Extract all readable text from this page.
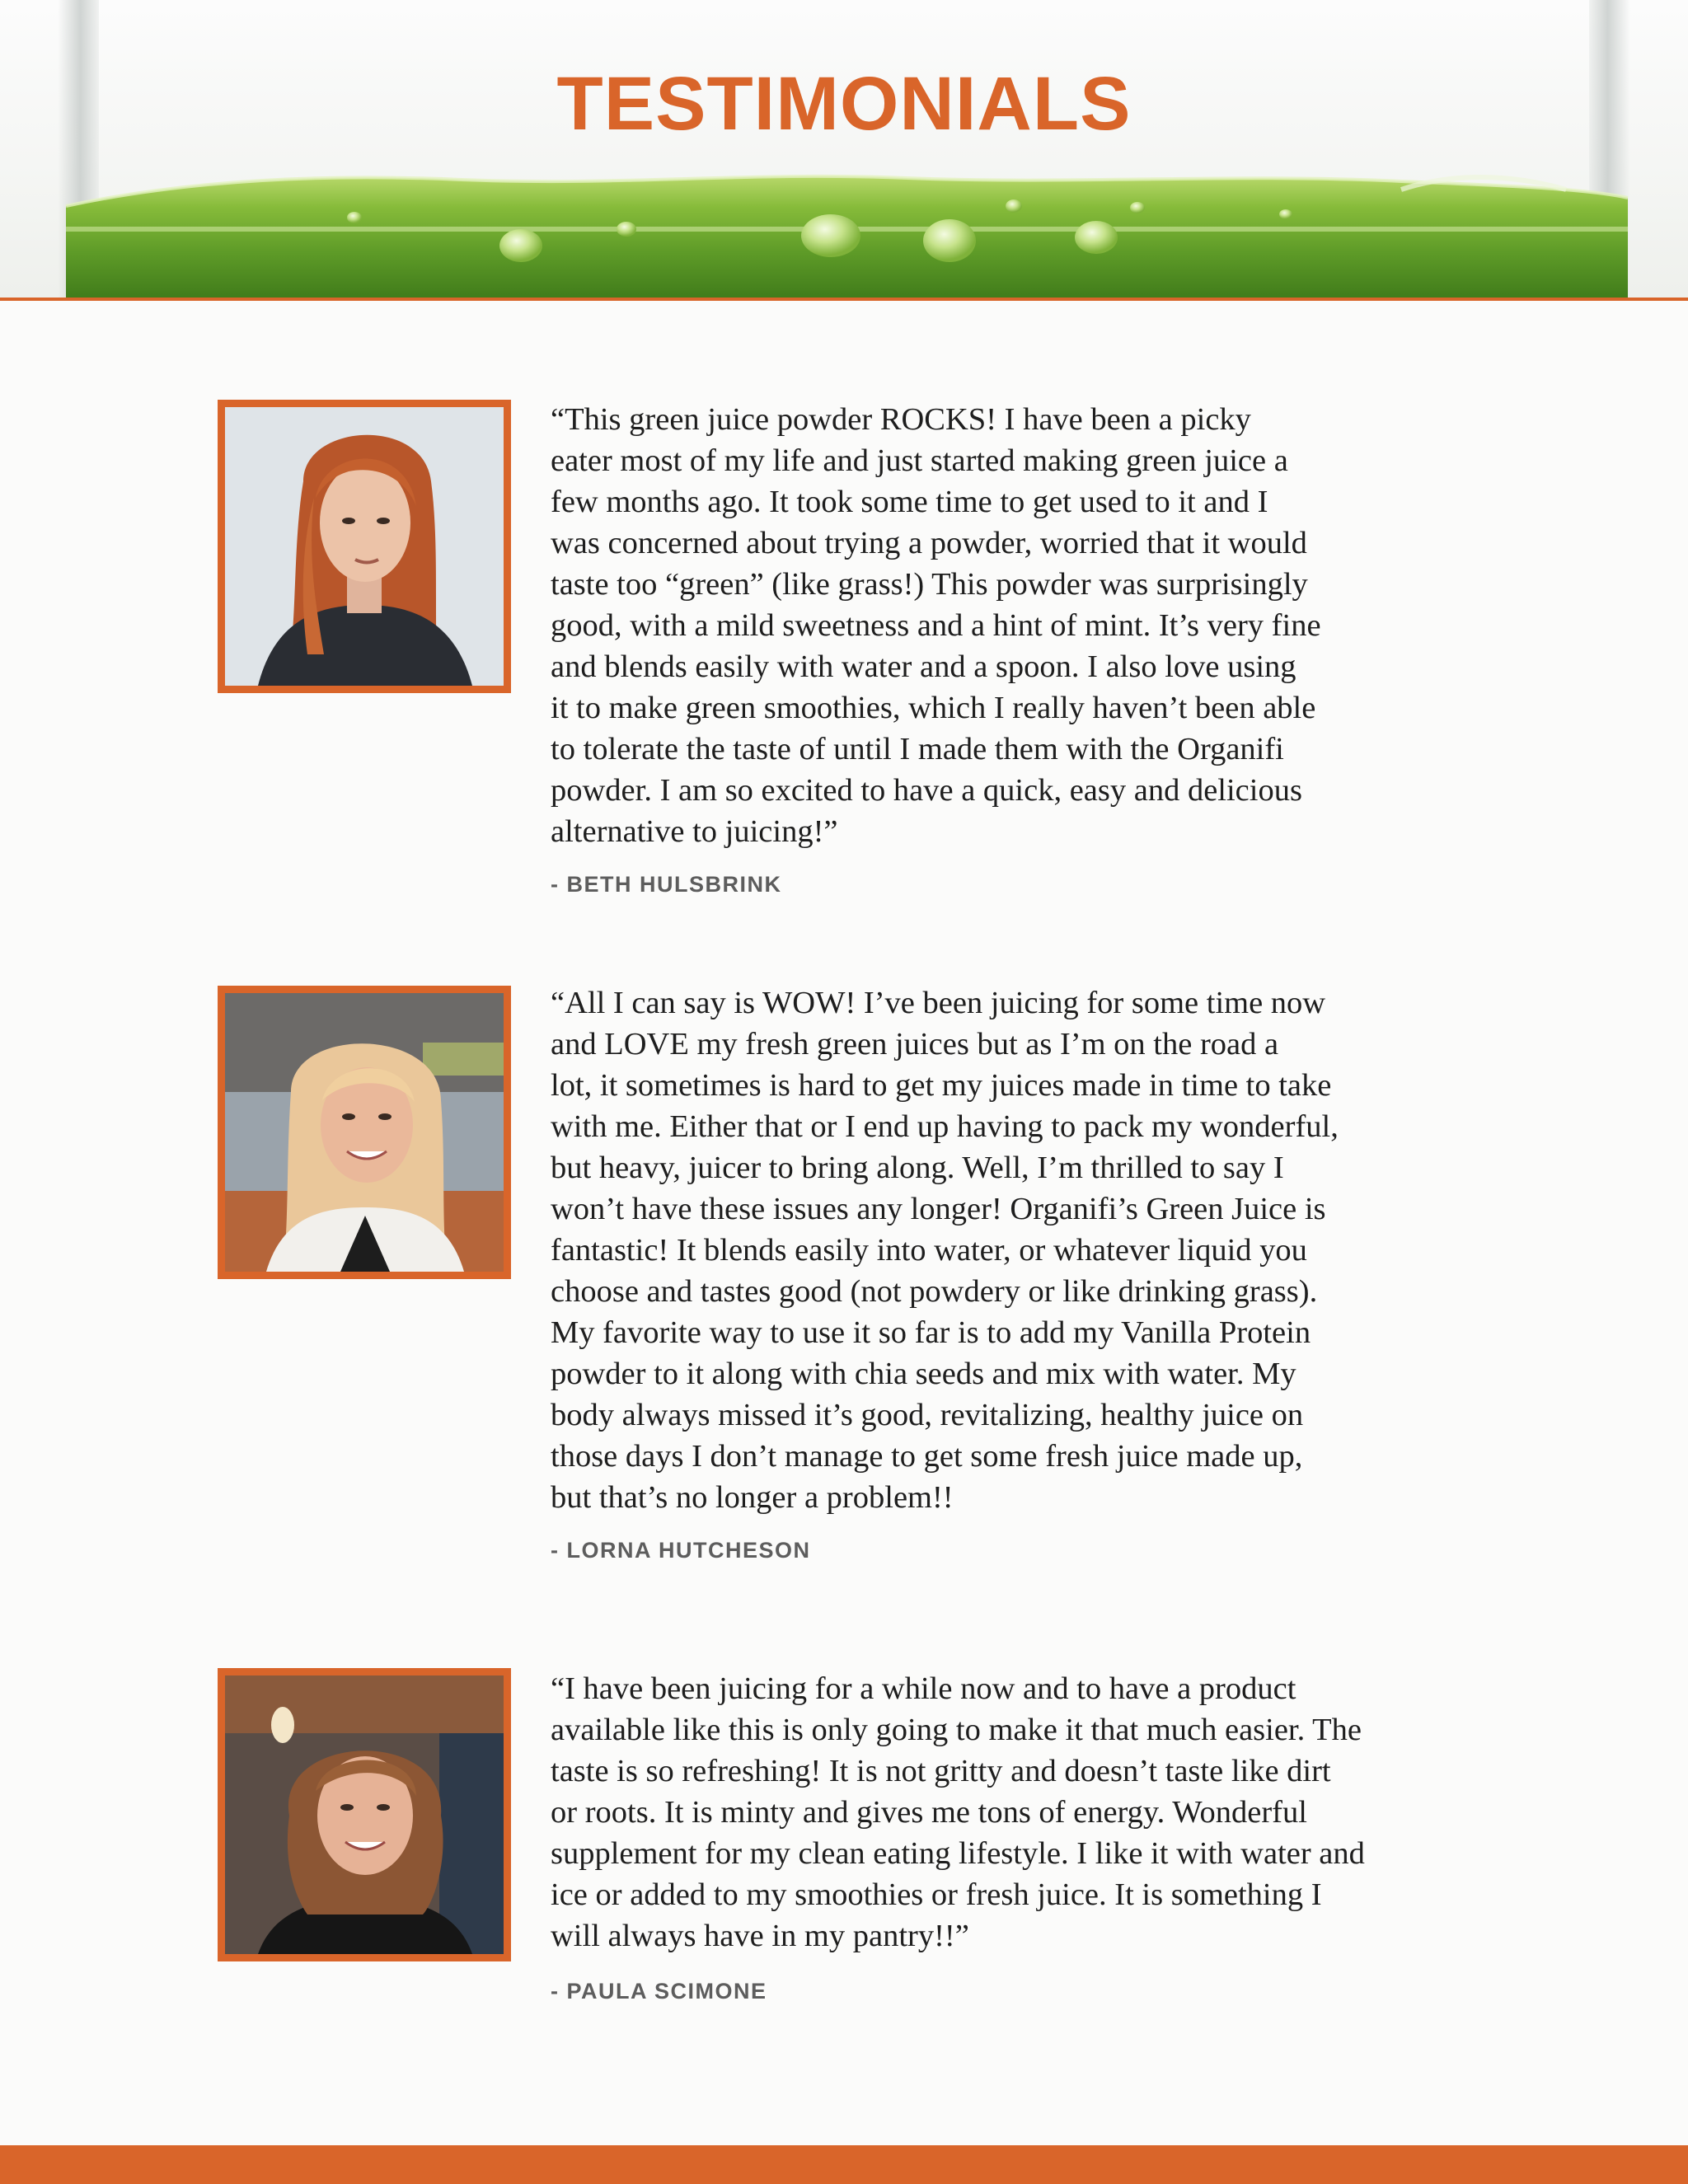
TESTIMONIALS

“This green juice powder ROCKS! I have been a picky
eater most of my life and just started making green juice a
few months ago. It took some time to get used to it and I
was concerned about trying a powder, worried that it would
taste too “green” (like grass!) This powder was surprisingly
good, with a mild sweetness and a hint of mint. It’s very fine
and blends easily with water and a spoon. I also love using
it to make green smoothies, which I really haven’t been able
to tolerate the taste of until I made them with the Organifi
powder. I am so excited to have a quick, easy and delicious
alternative to juicing!”

- BETH HULSBRINK

“All I can say is WOW! I’ve been juicing for some time now
and LOVE my fresh green juices but as I’m on the road a
lot, it sometimes is hard to get my juices made in time to take
with me. Either that or I end up having to pack my wonderful,
but heavy, juicer to bring along. Well, I’m thrilled to say I
won’t have these issues any longer! Organifi’s Green Juice is
fantastic! It blends easily into water, or whatever liquid you
choose and tastes good (not powdery or like drinking grass).
My favorite way to use it so far is to add my Vanilla Protein
powder to it along with chia seeds and mix with water. My
body always missed it’s good, revitalizing, healthy juice on
those days I don’t manage to get some fresh juice made up,
but that’s no longer a problem!!

- LORNA HUTCHESON

“I have been juicing for a while now and to have a product
available like this is only going to make it that much easier. The
taste is so refreshing! It is not gritty and doesn’t taste like dirt
or roots. It is minty and gives me tons of energy. Wonderful
supplement for my clean eating lifestyle. I like it with water and
ice or added to my smoothies or fresh juice. It is something I
will always have in my pantry!!”

- PAULA SCIMONE
